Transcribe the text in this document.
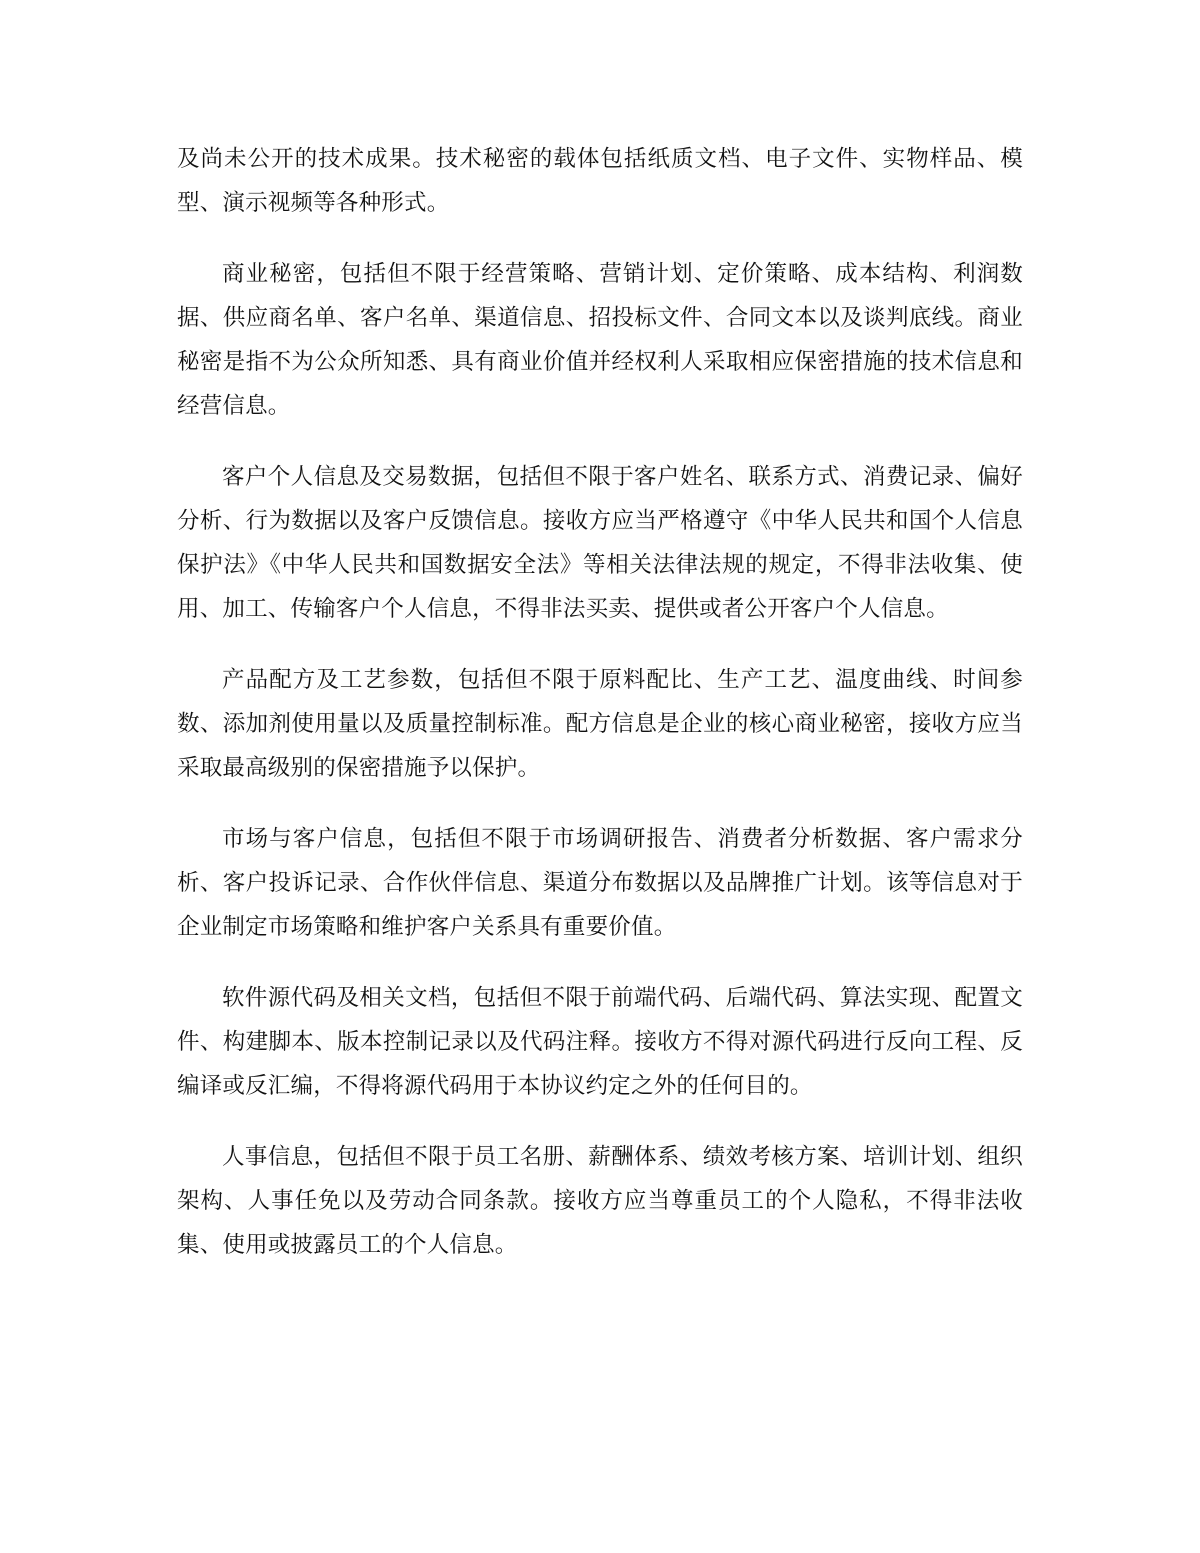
及尚未公开的技术成果。技术秘密的载体包括纸质文档、电子文件、实物样品、模型、演示视频等各种形式。

商业秘密，包括但不限于经营策略、营销计划、定价策略、成本结构、利润数据、供应商名单、客户名单、渠道信息、招投标文件、合同文本以及谈判底线。商业秘密是指不为公众所知悉、具有商业价值并经权利人采取相应保密措施的技术信息和经营信息。

客户个人信息及交易数据，包括但不限于客户姓名、联系方式、消费记录、偏好分析、行为数据以及客户反馈信息。接收方应当严格遵守《中华人民共和国个人信息保护法》《中华人民共和国数据安全法》等相关法律法规的规定，不得非法收集、使用、加工、传输客户个人信息，不得非法买卖、提供或者公开客户个人信息。

产品配方及工艺参数，包括但不限于原料配比、生产工艺、温度曲线、时间参数、添加剂使用量以及质量控制标准。配方信息是企业的核心商业秘密，接收方应当采取最高级别的保密措施予以保护。

市场与客户信息，包括但不限于市场调研报告、消费者分析数据、客户需求分析、客户投诉记录、合作伙伴信息、渠道分布数据以及品牌推广计划。该等信息对于企业制定市场策略和维护客户关系具有重要价值。

软件源代码及相关文档，包括但不限于前端代码、后端代码、算法实现、配置文件、构建脚本、版本控制记录以及代码注释。接收方不得对源代码进行反向工程、反编译或反汇编，不得将源代码用于本协议约定之外的任何目的。

人事信息，包括但不限于员工名册、薪酬体系、绩效考核方案、培训计划、组织架构、人事任免以及劳动合同条款。接收方应当尊重员工的个人隐私，不得非法收集、使用或披露员工的个人信息。
